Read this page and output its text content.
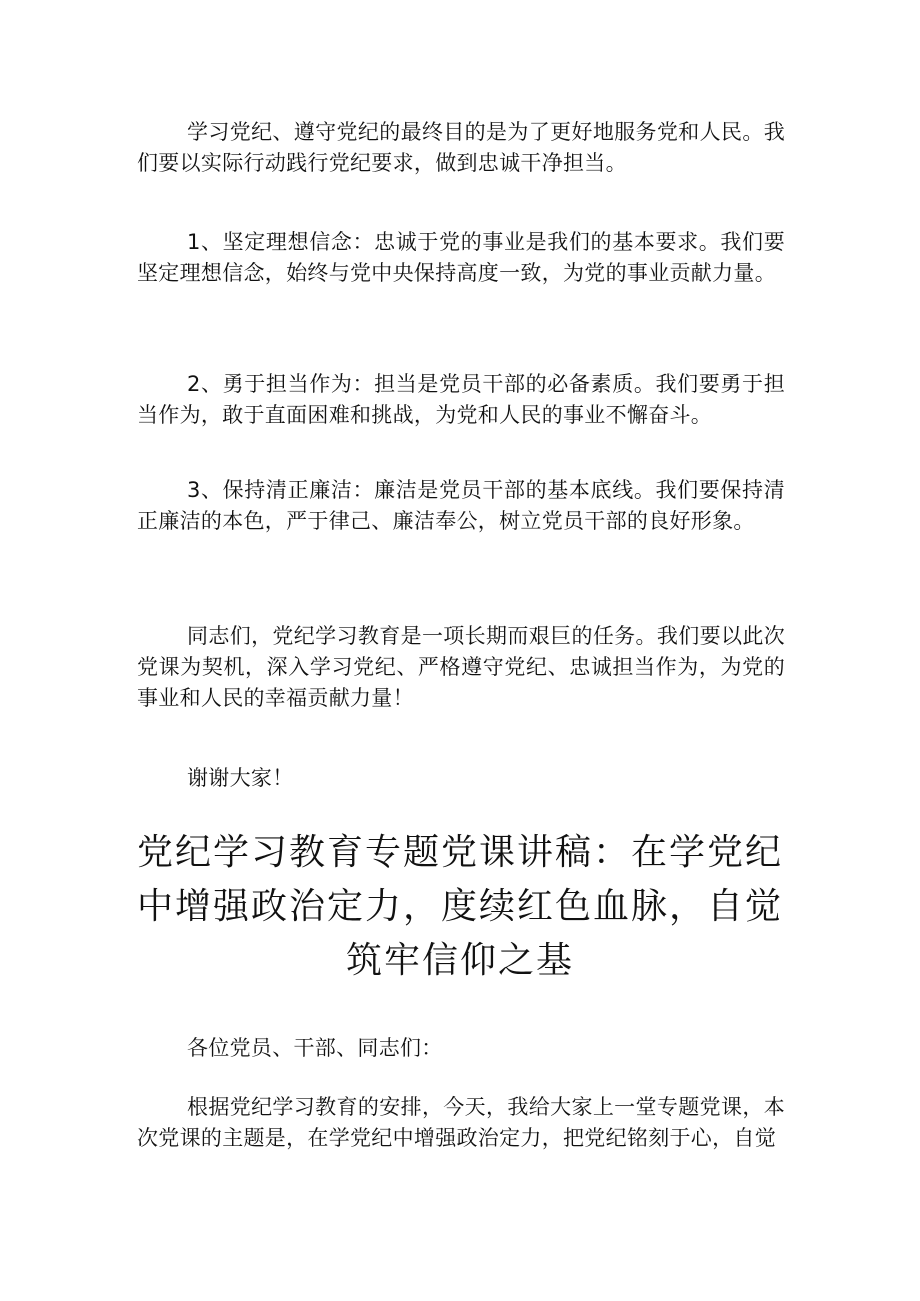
学习党纪、遵守党纪的最终目的是为了更好地服务党和人民。我们要以实际行动践行党纪要求，做到忠诚干净担当。

1、坚定理想信念：忠诚于党的事业是我们的基本要求。我们要坚定理想信念，始终与党中央保持高度一致，为党的事业贡献力量。

2、勇于担当作为：担当是党员干部的必备素质。我们要勇于担当作为，敢于直面困难和挑战，为党和人民的事业不懈奋斗。

3、保持清正廉洁：廉洁是党员干部的基本底线。我们要保持清正廉洁的本色，严于律己、廉洁奉公，树立党员干部的良好形象。

同志们，党纪学习教育是一项长期而艰巨的任务。我们要以此次党课为契机，深入学习党纪、严格遵守党纪、忠诚担当作为，为党的事业和人民的幸福贡献力量！

谢谢大家！

党纪学习教育专题党课讲稿：在学党纪中增强政治定力，度续红色血脉，自觉筑牢信仰之基

各位党员、干部、同志们：

根据党纪学习教育的安排，今天，我给大家上一堂专题党课，本次党课的主题是，在学党纪中增强政治定力，把党纪铭刻于心，自觉
